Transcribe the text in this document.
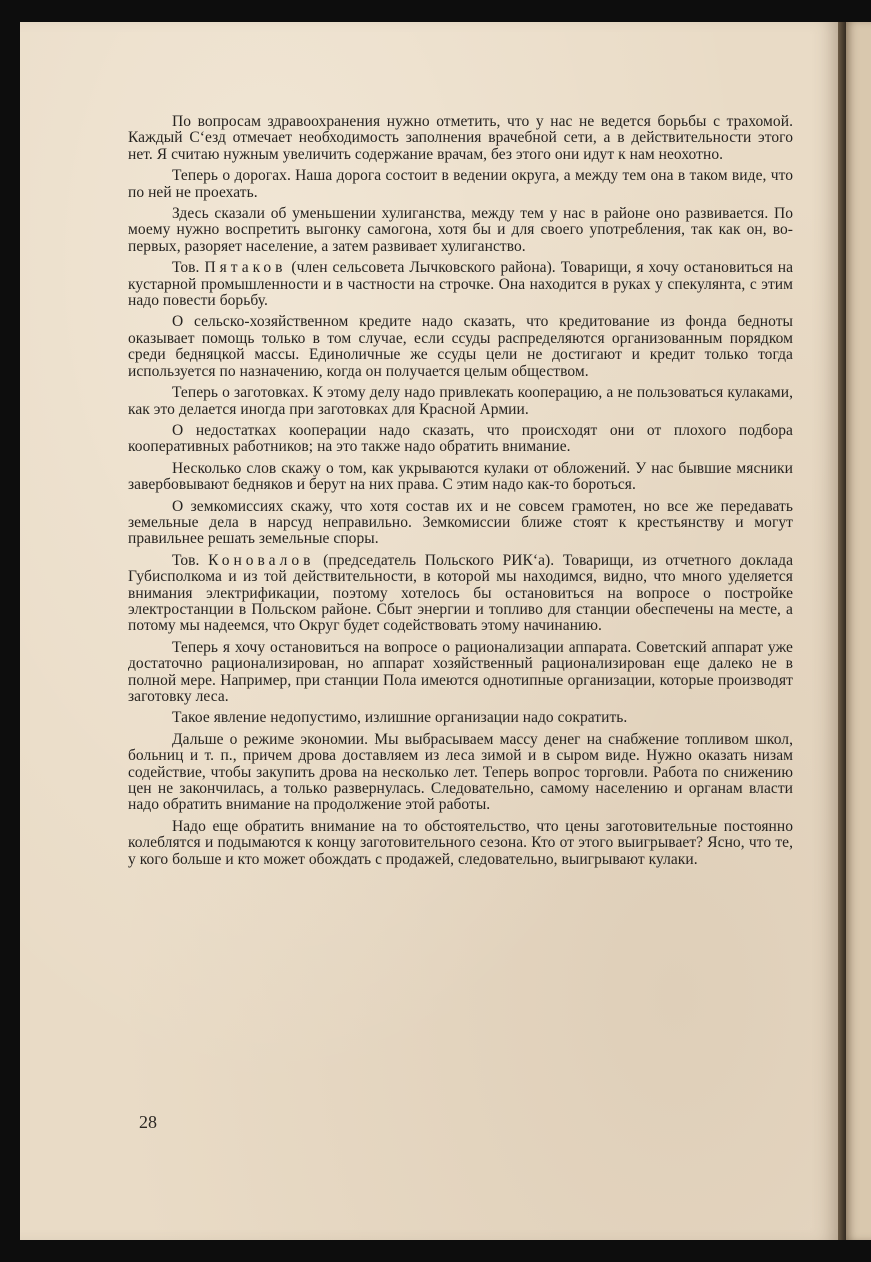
По вопросам здравоохранения нужно отметить, что у нас не ведется борьбы с трахомой. Каждый С‘езд отмечает необходимость заполнения врачебной сети, а в действительности этого нет. Я считаю нужным увеличить содержание врачам, без этого они идут к нам неохотно.

Теперь о дорогах. Наша дорога состоит в ведении округа, а между тем она в таком виде, что по ней не проехать.

Здесь сказали об уменьшении хулиганства, между тем у нас в районе оно развивается. По моему нужно воспретить выгонку самогона, хотя бы и для своего употребления, так как он, во-первых, разоряет население, а затем развивает хулиганство.

Тов. Пятаков (член сельсовета Лычковского района). Товарищи, я хочу остановиться на кустарной промышленности и в частности на строчке. Она находится в руках у спекулянта, с этим надо повести борьбу.

О сельско-хозяйственном кредите надо сказать, что кредитование из фонда бедноты оказывает помощь только в том случае, если ссуды распределяются организованным порядком среди бедняцкой массы. Единоличные же ссуды цели не достигают и кредит только тогда используется по назначению, когда он получается целым обществом.

Теперь о заготовках. К этому делу надо привлекать кооперацию, а не пользоваться кулаками, как это делается иногда при заготовках для Красной Армии.

О недостатках кооперации надо сказать, что происходят они от плохого подбора кооперативных работников; на это также надо обратить внимание.

Несколько слов скажу о том, как укрываются кулаки от обложений. У нас бывшие мясники завербовывают бедняков и берут на них права. С этим надо как-то бороться.

О земкомиссиях скажу, что хотя состав их и не совсем грамотен, но все же передавать земельные дела в нарсуд неправильно. Земкомиссии ближе стоят к крестьянству и могут правильнее решать земельные споры.

Тов. Коновалов (председатель Польского РИК‘а). Товарищи, из отчетного доклада Губисполкома и из той действительности, в которой мы находимся, видно, что много уделяется внимания электрификации, поэтому хотелось бы остановиться на вопросе о постройке электростанции в Польском районе. Сбыт энергии и топливо для станции обеспечены на месте, а потому мы надеемся, что Округ будет содействовать этому начинанию.

Теперь я хочу остановиться на вопросе о рационализации аппарата. Советский аппарат уже достаточно рационализирован, но аппарат хозяйственный рационализирован еще далеко не в полной мере. Например, при станции Пола имеются однотипные организации, которые производят заготовку леса.

Такое явление недопустимо, излишние организации надо сократить.

Дальше о режиме экономии. Мы выбрасываем массу денег на снабжение топливом школ, больниц и т. п., причем дрова доставляем из леса зимой и в сыром виде. Нужно оказать низам содействие, чтобы закупить дрова на несколько лет. Теперь вопрос торговли. Работа по снижению цен не закончилась, а только развернулась. Следовательно, самому населению и органам власти надо обратить внимание на продолжение этой работы.

Надо еще обратить внимание на то обстоятельство, что цены заготовительные постоянно колеблятся и подымаются к концу заготовительного сезона. Кто от этого выигрывает? Ясно, что те, у кого больше и кто может обождать с продажей, следовательно, выигрывают кулаки.

28
